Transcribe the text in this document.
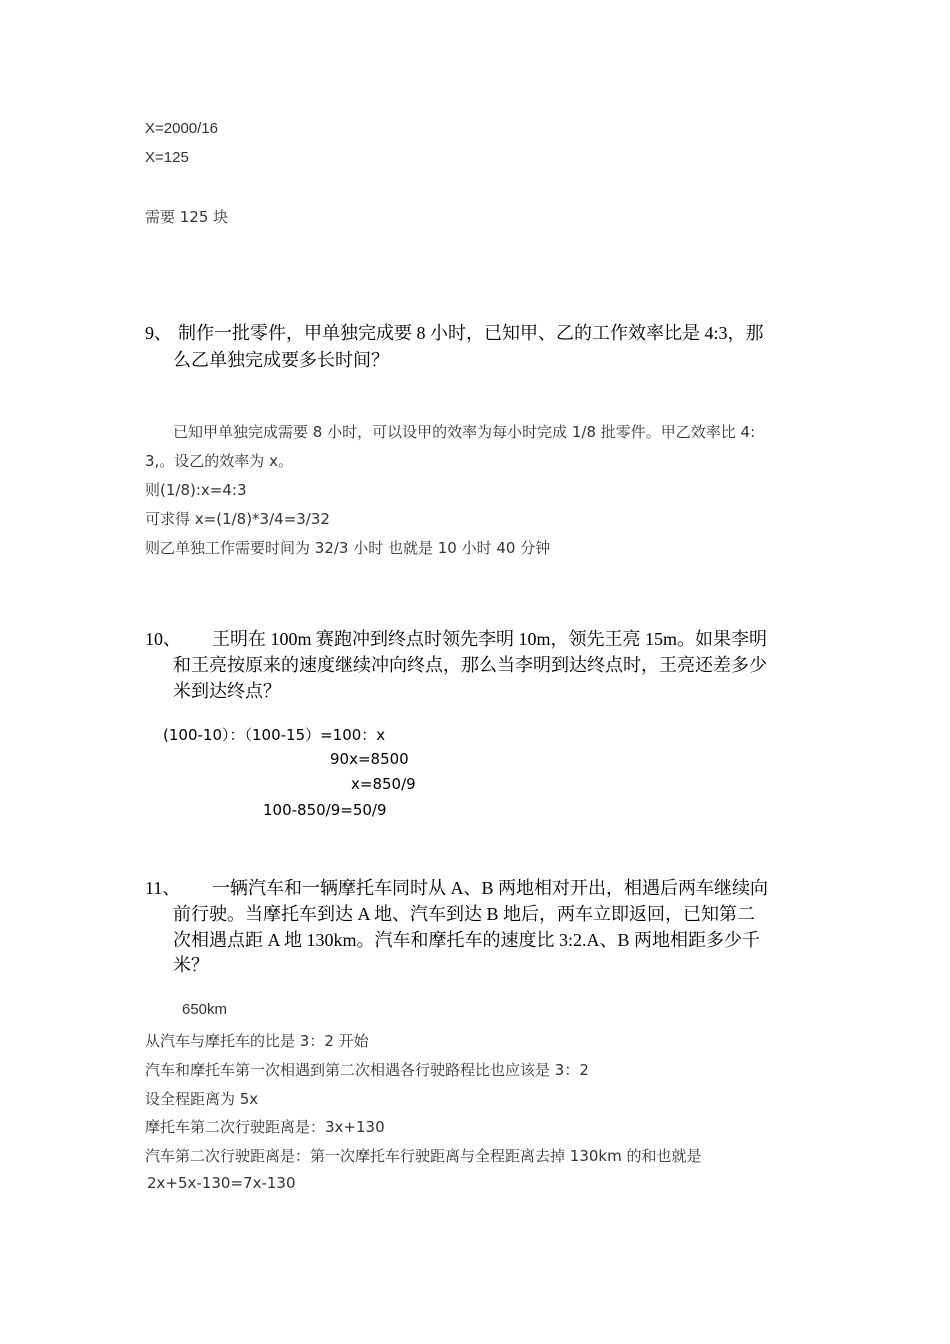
X=2000/16
X=125
需要 125 块
9、 制作一批零件，甲单独完成要 8 小时，已知甲、乙的工作效率比是 4:3，那
么乙单独完成要多长时间？
已知甲单独完成需要 8 小时，可以设甲的效率为每小时完成 1/8 批零件。甲乙效率比 4:
3,。设乙的效率为 x。
则(1/8):x=4:3
可求得 x=(1/8)*3/4=3/32
则乙单独工作需要时间为 32/3 小时 也就是 10 小时 40 分钟
10、 王明在 100m 赛跑冲到终点时领先李明 10m，领先王亮 15m。如果李明
和王亮按原来的速度继续冲向终点，那么当李明到达终点时，王亮还差多少
米到达终点？
(100-10）：（100-15）=100：x
90x=8500
x=850/9
100-850/9=50/9
11、 一辆汽车和一辆摩托车同时从 A、B 两地相对开出，相遇后两车继续向
前行驶。当摩托车到达 A 地、汽车到达 B 地后，两车立即返回，已知第二
次相遇点距 A 地 130km。汽车和摩托车的速度比 3:2.A、B 两地相距多少千
米？
650km
从汽车与摩托车的比是 3：2 开始
汽车和摩托车第一次相遇到第二次相遇各行驶路程比也应该是 3：2
设全程距离为 5x
摩托车第二次行驶距离是：3x+130
汽车第二次行驶距离是：第一次摩托车行驶距离与全程距离去掉 130km 的和也就是
2x+5x-130=7x-130
